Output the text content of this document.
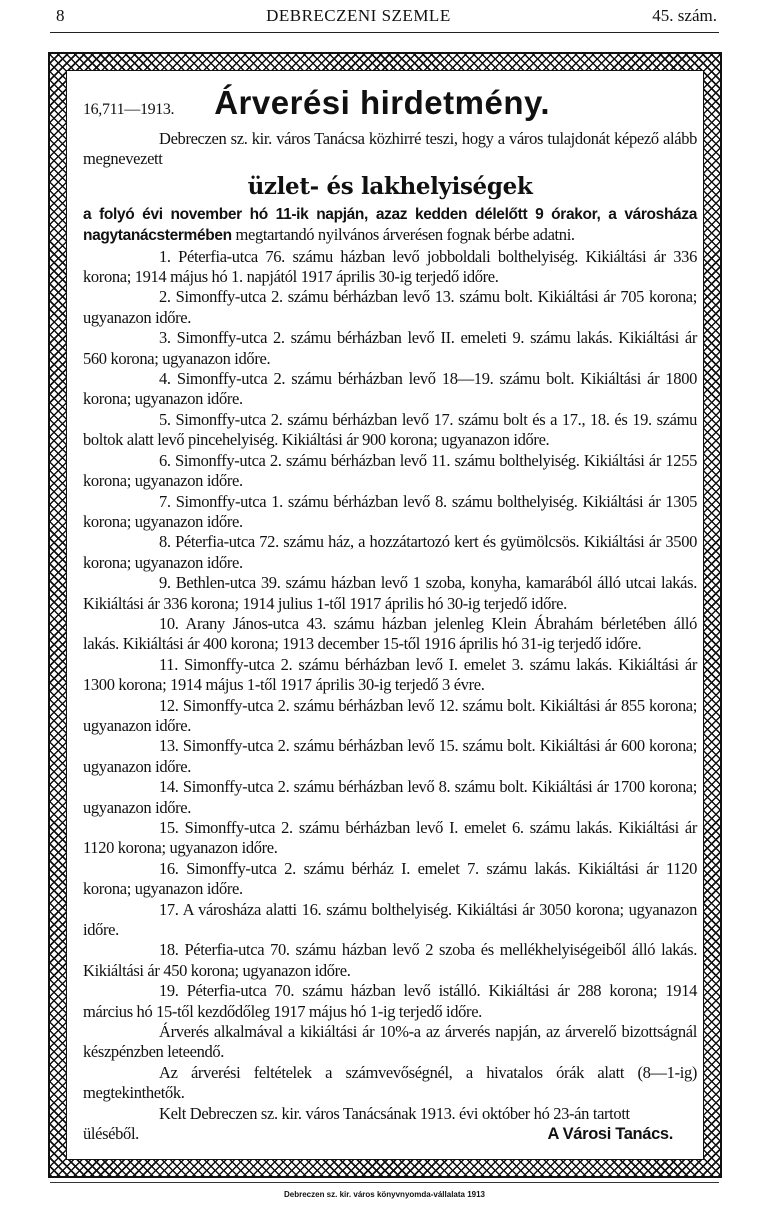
8	DEBRECZENI SZEMLE	45. szám.
16,711—1913. Árverési hirdetmény.

Debreczen sz. kir. város Tanácsa közhirré teszi, hogy a város tulajdonát képező alább megnevezett

üzlet- és lakhelyiségek

a folyó évi november hó 11-ik napján, azaz kedden délelőtt 9 órakor, a városháza nagytanácstermében megtartandó nyilvános árverésen fognak bérbe adatni.

1. Péterfia-utca 76. számu házban levő jobboldali bolthelyiség. Kikiáltási ár 336 korona; 1914 május hó 1. napjától 1917 április 30-ig terjedő időre.

2. Simonffy-utca 2. számu bérházban levő 13. számu bolt. Kikiáltási ár 705 korona; ugyanazon időre.

3. Simonffy-utca 2. számu bérházban levő II. emeleti 9. számu lakás. Kikiáltási ár 560 korona; ugyanazon időre.

4. Simonffy-utca 2. számu bérházban levő 18—19. számu bolt. Kikiáltási ár 1800 korona; ugyanazon időre.

5. Simonffy-utca 2. számu bérházban levő 17. számu bolt és a 17., 18. és 19. számu boltok alatt levő pincehelyiség. Kikiáltási ár 900 korona; ugyanazon időre.

6. Simonffy-utca 2. számu bérházban levő 11. számu bolthelyiség. Kikiáltási ár 1255 korona; ugyanazon időre.

7. Simonffy-utca 1. számu bérházban levő 8. számu bolthelyiség. Kikiáltási ár 1305 korona; ugyanazon időre.

8. Péterfia-utca 72. számu ház, a hozzátartozó kert és gyümölcsös. Kikiáltási ár 3500 korona; ugyanazon időre.

9. Bethlen-utca 39. számu házban levő 1 szoba, konyha, kamarából álló utcai lakás. Kikiáltási ár 336 korona; 1914 julius 1-től 1917 április hó 30-ig terjedő időre.

10. Arany János-utca 43. számu házban jelenleg Klein Ábrahám bérletében álló lakás. Kikiáltási ár 400 korona; 1913 december 15-től 1916 április hó 31-ig terjedő időre.

11. Simonffy-utca 2. számu bérházban levő I. emelet 3. számu lakás. Kikiáltási ár 1300 korona; 1914 május 1-től 1917 április 30-ig terjedő 3 évre.

12. Simonffy-utca 2. számu bérházban levő 12. számu bolt. Kikiáltási ár 855 korona; ugyanazon időre.

13. Simonffy-utca 2. számu bérházban levő 15. számu bolt. Kikiáltási ár 600 korona; ugyanazon időre.

14. Simonffy-utca 2. számu bérházban levő 8. számu bolt. Kikiáltási ár 1700 korona; ugyanazon időre.

15. Simonffy-utca 2. számu bérházban levő I. emelet 6. számu lakás. Kikiáltási ár 1120 korona; ugyanazon időre.

16. Simonffy-utca 2. számu bérház I. emelet 7. számu lakás. Kikiáltási ár 1120 korona; ugyanazon időre.

17. A városháza alatti 16. számu bolthelyiség. Kikiáltási ár 3050 korona; ugyanazon időre.

18. Péterfia-utca 70. számu házban levő 2 szoba és mellékhelyiségeiből álló lakás. Kikiáltási ár 450 korona; ugyanazon időre.

19. Péterfia-utca 70. számu házban levő istálló. Kikiáltási ár 288 korona; 1914 március hó 15-től kezdődőleg 1917 május hó 1-ig terjedő időre.

Árverés alkalmával a kikiáltási ár 10%-a az árverés napján, az árverelő bizottságnál készpénzben leteendő.

Az árverési feltételek a számvevőségnél, a hivatalos órák alatt (8—1-ig) megtekinthetők.

Kelt Debreczen sz. kir. város Tanácsának 1913. évi október hó 23-án tartott

üléséből.	A Városi Tanács.
Debreczen sz. kir. város könyvnyomda-vállalata 1913
